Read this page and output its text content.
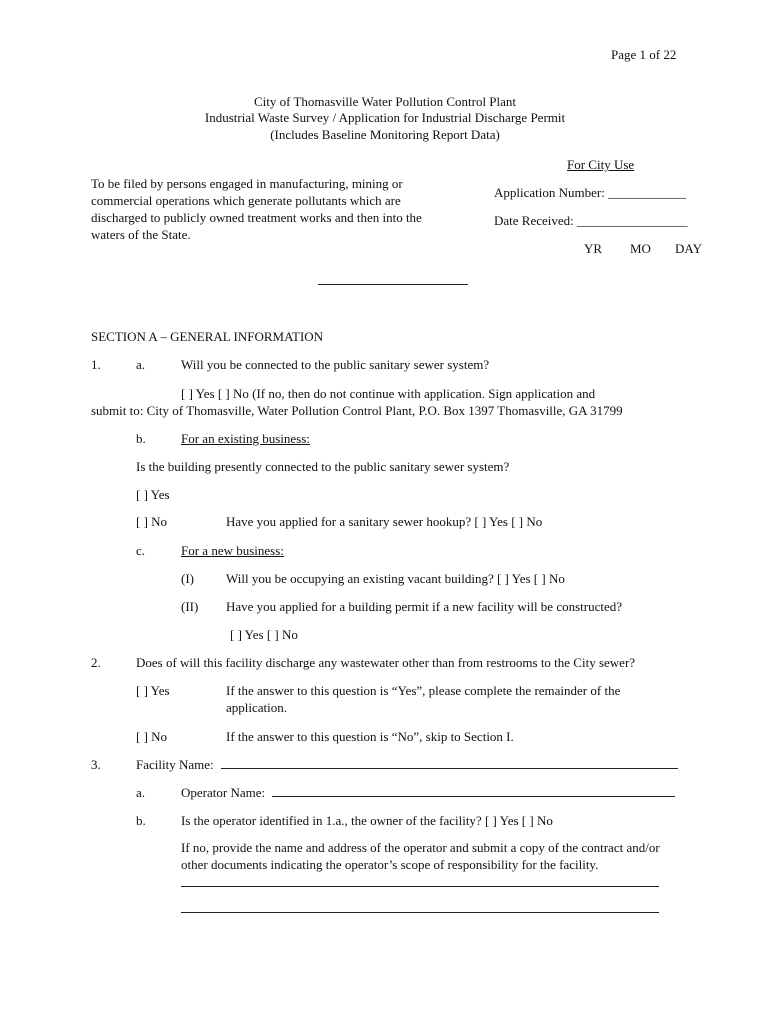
Page 1 of 22
City of Thomasville Water Pollution Control Plant
Industrial Waste Survey / Application for Industrial Discharge Permit
(Includes Baseline Monitoring Report Data)
To be filed by persons engaged in manufacturing, mining or commercial operations which generate pollutants which are discharged to publicly owned treatment works and then into the waters of the State.
For City Use
Application Number: ____________
Date Received: _________________
YR MO DAY
SECTION A – GENERAL INFORMATION
1.	a.	Will you be connected to the public sanitary sewer system?
[ ] Yes [ ] No (If no, then do not continue with application. Sign application and
submit to: City of Thomasville, Water Pollution Control Plant, P.O. Box 1397 Thomasville, GA 31799
b.	For an existing business:
Is the building presently connected to the public sanitary sewer system?
[ ] Yes
[ ] No	Have you applied for a sanitary sewer hookup? [ ] Yes [ ] No
c.	For a new business:
(I) Will you be occupying an existing vacant building? [ ] Yes [ ] No
(II) Have you applied for a building permit if a new facility will be constructed?
[ ] Yes [ ] No
2.	Does of will this facility discharge any wastewater other than from restrooms to the City sewer?
[ ] Yes	If the answer to this question is “Yes”, please complete the remainder of the application.
[ ] No	If the answer to this question is “No”, skip to Section I.
3.	Facility Name:
a.	Operator Name:
b.	Is the operator identified in 1.a., the owner of the facility? [ ] Yes [ ] No
If no, provide the name and address of the operator and submit a copy of the contract and/or other documents indicating the operator’s scope of responsibility for the facility.
